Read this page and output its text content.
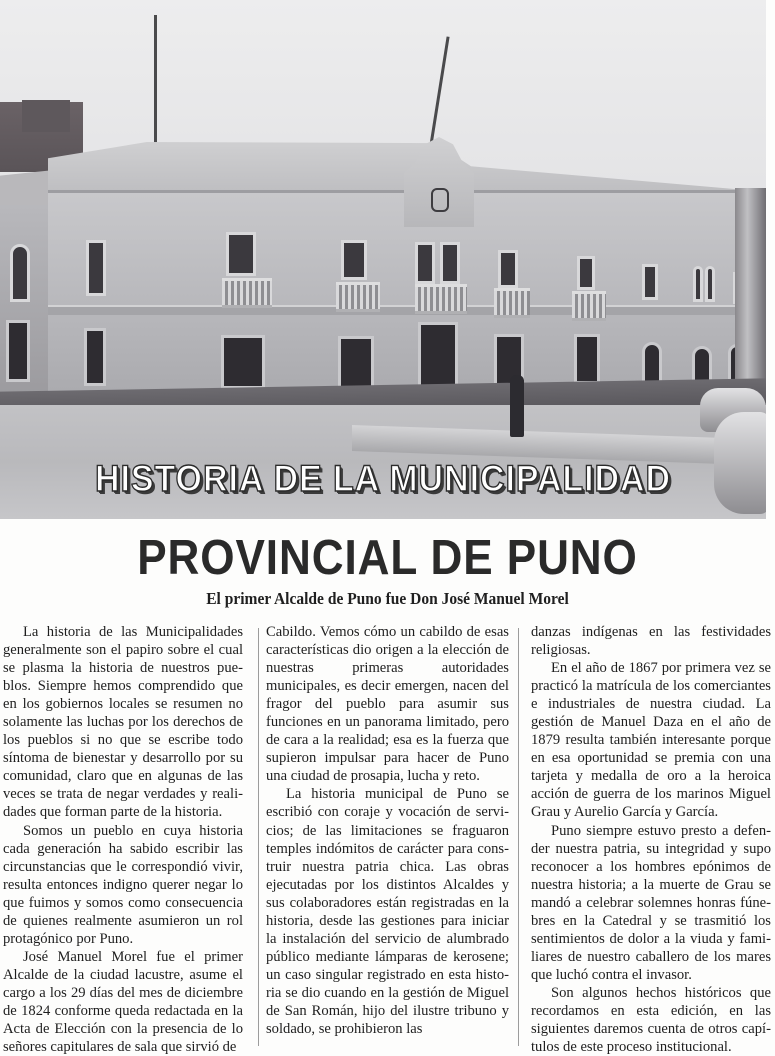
HISTORIA DE LA MUNICIPALIDAD
PROVINCIAL DE PUNO
El primer Alcalde de Puno fue Don José Manuel Morel

La historia de las Municipalidades generalmente son el papiro sobre el cual se plasma la historia de nuestros pueblos. Siempre hemos comprendido que en los gobiernos locales se resumen no solamente las luchas por los derechos de los pueblos si no que se escribe todo síntoma de bienestar y desarrollo por su comunidad, claro que en algunas de las veces se trata de negar verdades y realidades que forman parte de la historia.

Somos un pueblo en cuya historia cada generación ha sabido escribir las circunstancias que le correspondió vivir, resulta entonces indigno querer negar lo que fuimos y somos como consecuencia de quienes realmente asumieron un rol protagónico por Puno.

José Manuel Morel fue el primer Alcalde de la ciudad lacustre, asume el cargo a los 29 días del mes de diciembre de 1824 conforme queda redactada en la Acta de Elección con la presencia de lo señores capitulares de sala que sirvió de

Cabildo. Vemos cómo un cabildo de esas características dio origen a la elección de nuestras primeras autoridades municipales, es decir emergen, nacen del fragor del pueblo para asumir sus funciones en un panorama limitado, pero de cara a la realidad; esa es la fuerza que supieron impulsar para hacer de Puno una ciudad de prosapia, lucha y reto.

La historia municipal de Puno se escribió con coraje y vocación de servicios; de las limitaciones se fraguaron temples indómitos de carácter para construir nuestra patria chica. Las obras ejecutadas por los distintos Alcaldes y sus colaboradores están registradas en la historia, desde las gestiones para iniciar la instalación del servicio de alumbrado público mediante lámparas de kerosene; un caso singular registrado en esta historia se dio cuando en la gestión de Miguel de San Román, hijo del ilustre tribuno y soldado, se prohibieron las

danzas indígenas en las festividades religiosas.

En el año de 1867 por primera vez se practicó la matrícula de los comerciantes e industriales de nuestra ciudad. La gestión de Manuel Daza en el año de 1879 resulta también interesante porque en esa oportunidad se premia con una tarjeta y medalla de oro a la heroica acción de guerra de los marinos Miguel Grau y Aurelio García y García.

Puno siempre estuvo presto a defender nuestra patria, su integridad y supo reconocer a los hombres epónimos de nuestra historia; a la muerte de Grau se mandó a celebrar solemnes honras fúnebres en la Catedral y se trasmitió los sentimientos de dolor a la viuda y familiares de nuestro caballero de los mares que luchó contra el invasor.

Son algunos hechos históricos que recordamos en esta edición, en las siguientes daremos cuenta de otros capítulos de este proceso institucional.
